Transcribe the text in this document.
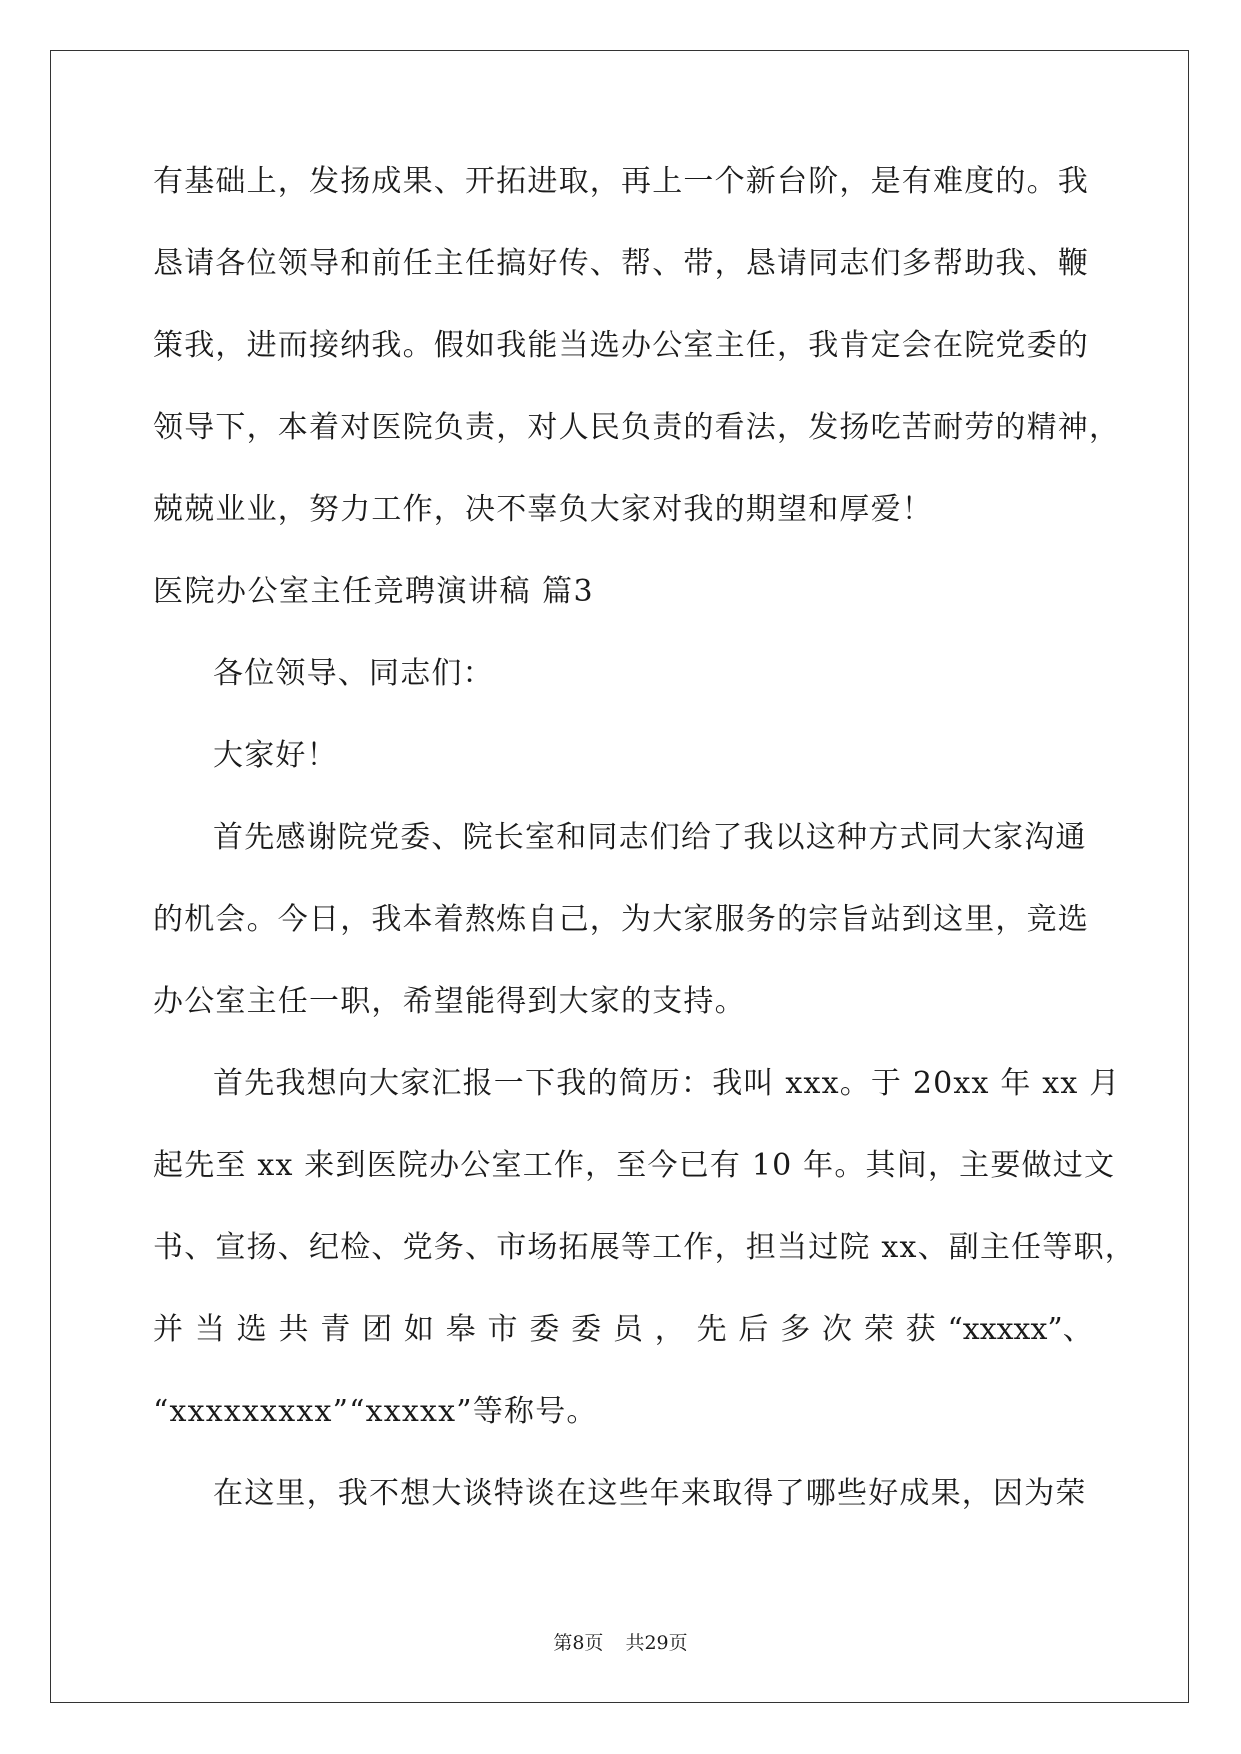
有基础上，发扬成果、开拓进取，再上一个新台阶，是有难度的。我
恳请各位领导和前任主任搞好传、帮、带，恳请同志们多帮助我、鞭
策我，进而接纳我。假如我能当选办公室主任，我肯定会在院党委的
领导下，本着对医院负责，对人民负责的看法，发扬吃苦耐劳的精神，
兢兢业业，努力工作，决不辜负大家对我的期望和厚爱！
医院办公室主任竞聘演讲稿 篇3
各位领导、同志们：
大家好！
首先感谢院党委、院长室和同志们给了我以这种方式同大家沟通
的机会。今日，我本着熬炼自己，为大家服务的宗旨站到这里，竞选
办公室主任一职，希望能得到大家的支持。
首先我想向大家汇报一下我的简历：我叫 xxx。于 20xx 年 xx 月
起先至 xx 来到医院办公室工作，至今已有 10 年。其间，主要做过文
书、宣扬、纪检、党务、市场拓展等工作，担当过院 xx、副主任等职，
并 当 选 共 青 团 如 皋 市 委 委 员 ， 先 后 多 次 荣 获 “xxxxx”、
“xxxxxxxxx”“xxxxx”等称号。
在这里，我不想大谈特谈在这些年来取得了哪些好成果，因为荣
第8页 共29页
